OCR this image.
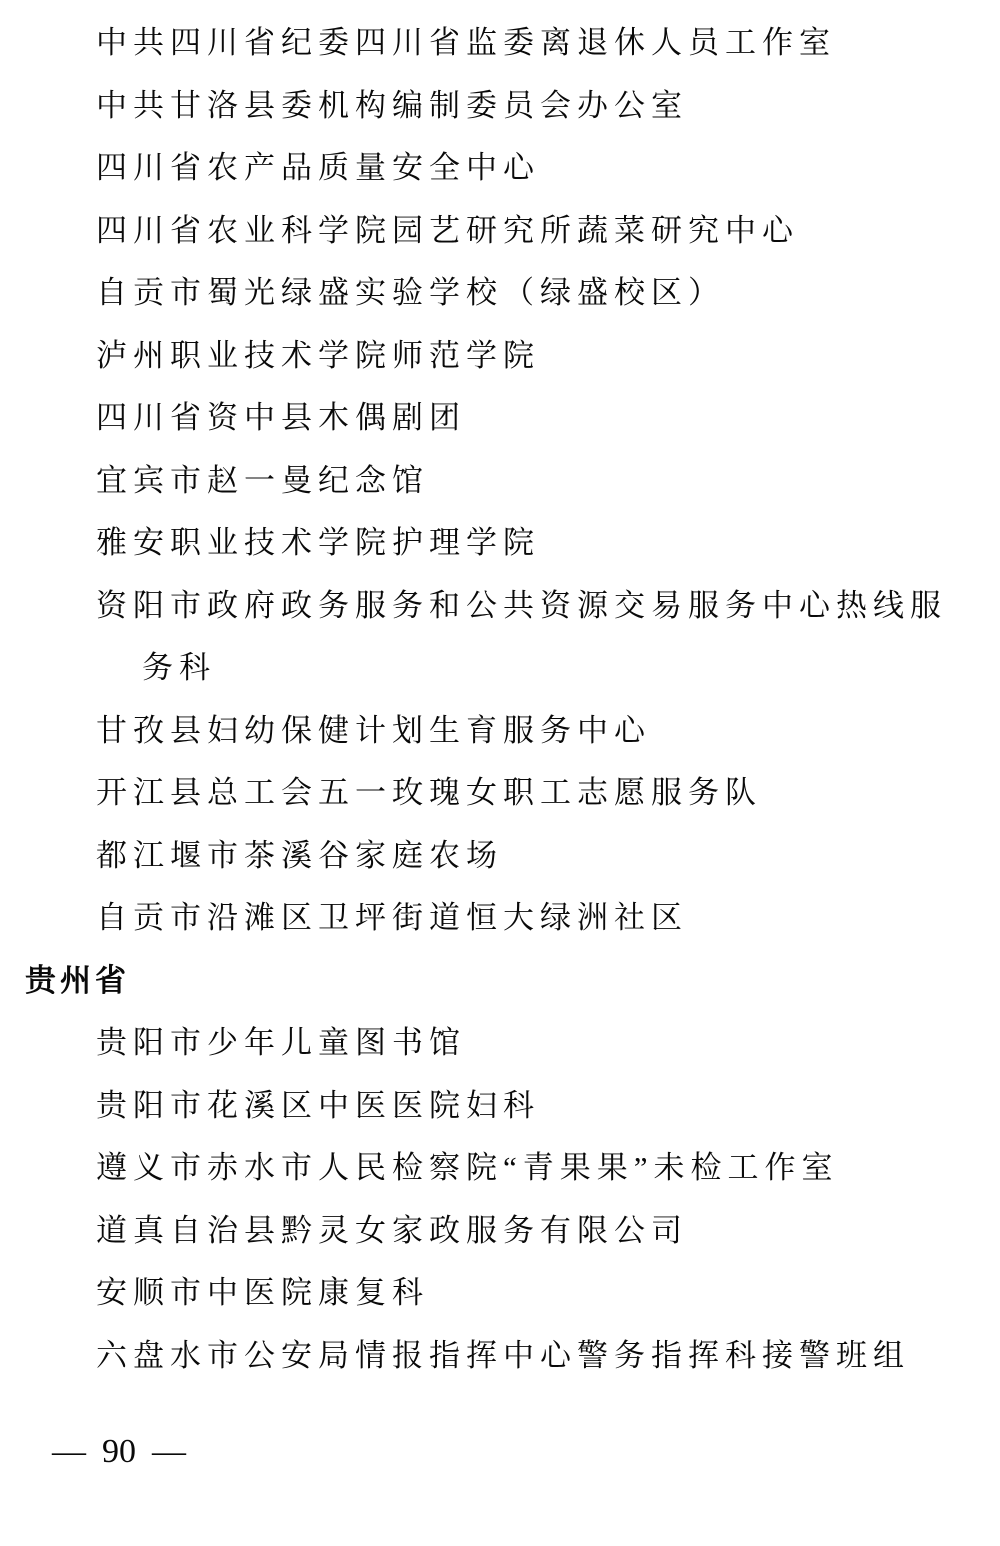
中共四川省纪委四川省监委离退休人员工作室
中共甘洛县委机构编制委员会办公室
四川省农产品质量安全中心
四川省农业科学院园艺研究所蔬菜研究中心
自贡市蜀光绿盛实验学校（绿盛校区）
泸州职业技术学院师范学院
四川省资中县木偶剧团
宜宾市赵一曼纪念馆
雅安职业技术学院护理学院
资阳市政府政务服务和公共资源交易服务中心热线服
务科
甘孜县妇幼保健计划生育服务中心
开江县总工会五一玫瑰女职工志愿服务队
都江堰市茶溪谷家庭农场
自贡市沿滩区卫坪街道恒大绿洲社区
贵州省
贵阳市少年儿童图书馆
贵阳市花溪区中医医院妇科
遵义市赤水市人民检察院“青果果”未检工作室
道真自治县黔灵女家政服务有限公司
安顺市中医院康复科
六盘水市公安局情报指挥中心警务指挥科接警班组
— 90 —
